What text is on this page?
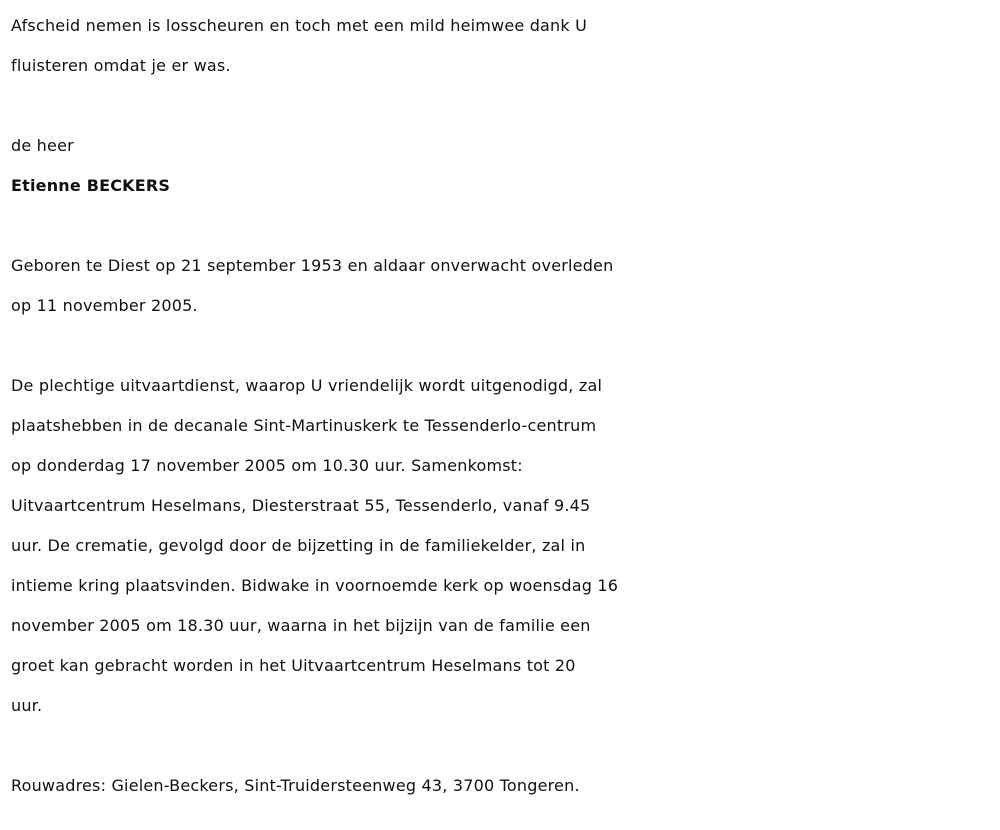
Afscheid nemen is losscheuren en toch met een mild heimwee dank U

fluisteren omdat je er was.

de heer

Etienne BECKERS

Geboren te Diest op 21 september 1953 en aldaar onverwacht overleden

op 11 november 2005.

De plechtige uitvaartdienst, waarop U vriendelijk wordt uitgenodigd, zal

plaatshebben in de decanale Sint-Martinuskerk te Tessenderlo-centrum

op donderdag 17 november 2005 om 10.30 uur. Samenkomst:

Uitvaartcentrum Heselmans, Diesterstraat 55, Tessenderlo, vanaf 9.45

uur. De crematie, gevolgd door de bijzetting in de familiekelder, zal in

intieme kring plaatsvinden. Bidwake in voornoemde kerk op woensdag 16

november 2005 om 18.30 uur, waarna in het bijzijn van de familie een

groet kan gebracht worden in het Uitvaartcentrum Heselmans tot 20

uur.

Rouwadres: Gielen-Beckers, Sint-Truidersteenweg 43, 3700 Tongeren.
